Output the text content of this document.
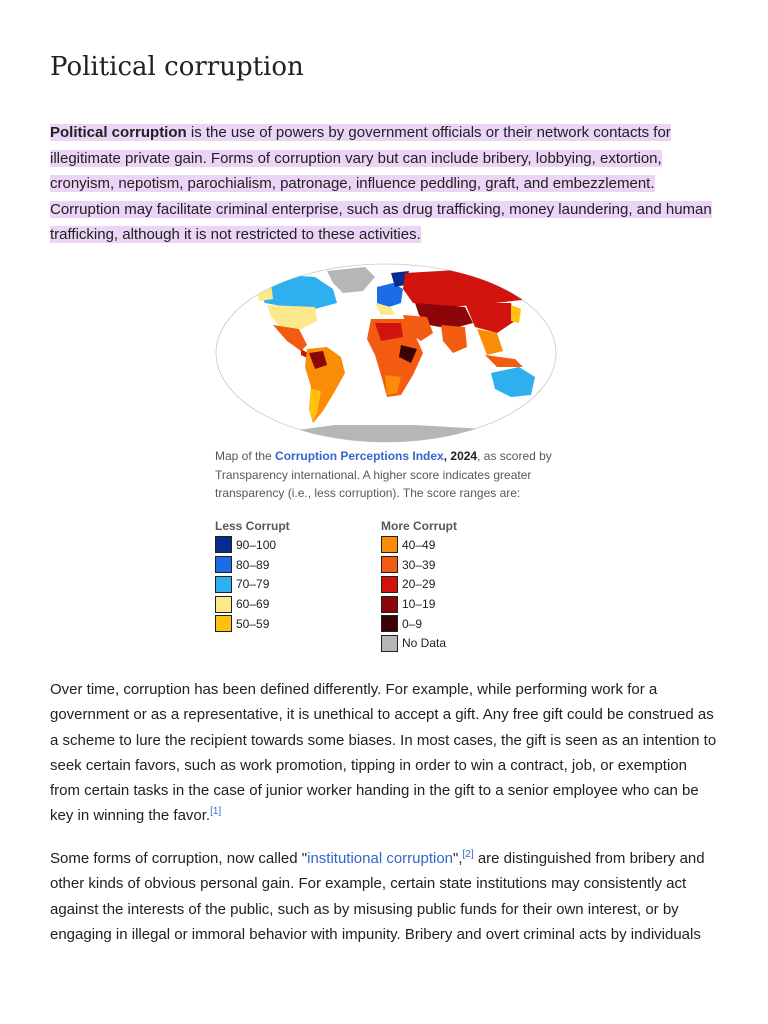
Political corruption

Political corruption is the use of powers by government officials or their network contacts for illegitimate private gain. Forms of corruption vary but can include bribery, lobbying, extortion, cronyism, nepotism, parochialism, patronage, influence peddling, graft, and embezzlement. Corruption may facilitate criminal enterprise, such as drug trafficking, money laundering, and human trafficking, although it is not restricted to these activities.

Map of the Corruption Perceptions Index, 2024, as scored by Transparency international. A higher score indicates greater transparency (i.e., less corruption). The score ranges are:
Less Corrupt
90–100
80–89
70–79
60–69
50–59
More Corrupt
40–49
30–39
20–29
10–19
0–9
No Data

Over time, corruption has been defined differently. For example, while performing work for a government or as a representative, it is unethical to accept a gift. Any free gift could be construed as a scheme to lure the recipient towards some biases. In most cases, the gift is seen as an intention to seek certain favors, such as work promotion, tipping in order to win a contract, job, or exemption from certain tasks in the case of junior worker handing in the gift to a senior employee who can be key in winning the favor.[1]

Some forms of corruption, now called "institutional corruption",[2] are distinguished from bribery and other kinds of obvious personal gain. For example, certain state institutions may consistently act against the interests of the public, such as by misusing public funds for their own interest, or by engaging in illegal or immoral behavior with impunity. Bribery and overt criminal acts by individuals
